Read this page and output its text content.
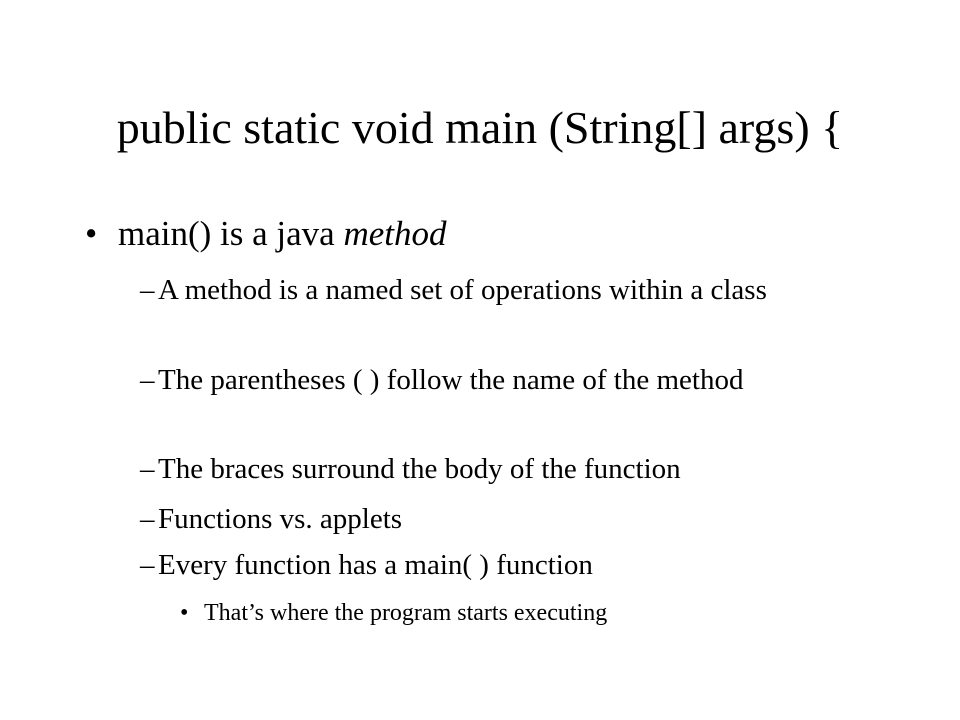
public static void main (String[] args) {
• main() is a java method
– A method is a named set of operations within a class
– The parentheses ( ) follow the name of the method
– The braces surround the body of the function
– Functions vs. applets
– Every function has a main( ) function
• That’s where the program starts executing
